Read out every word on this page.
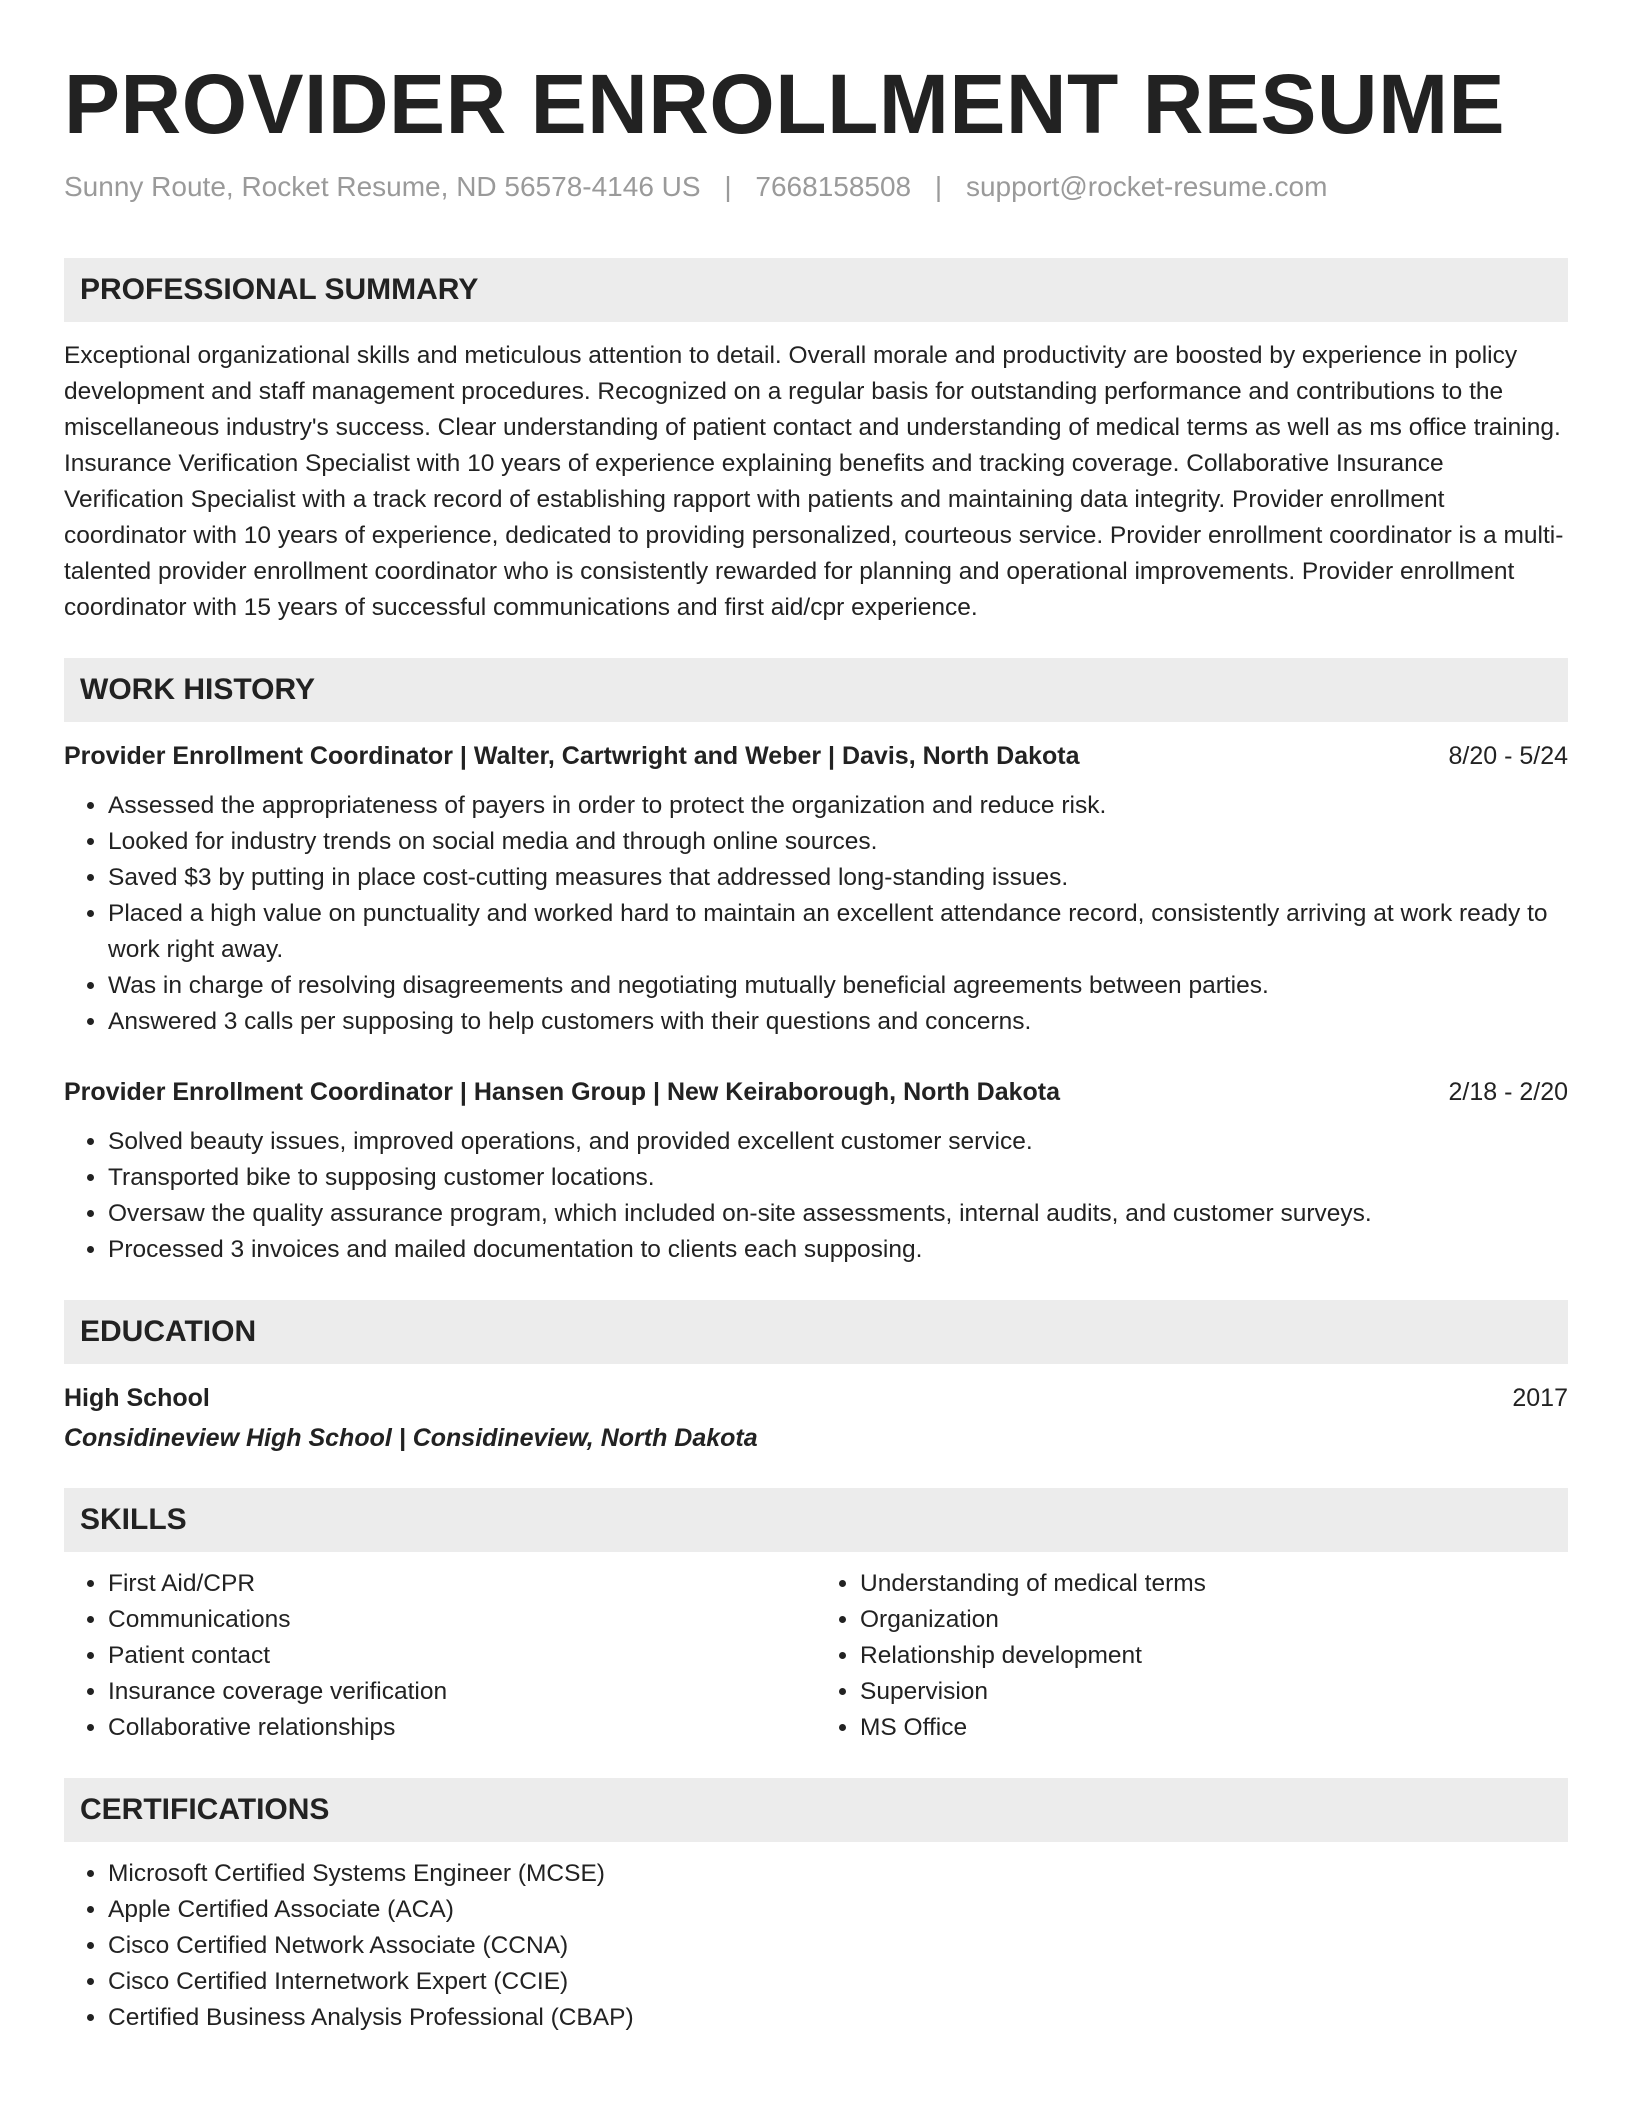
PROVIDER ENROLLMENT RESUME
Sunny Route, Rocket Resume, ND 56578-4146 US | 7668158508 | support@rocket-resume.com
PROFESSIONAL SUMMARY
Exceptional organizational skills and meticulous attention to detail. Overall morale and productivity are boosted by experience in policy development and staff management procedures. Recognized on a regular basis for outstanding performance and contributions to the miscellaneous industry's success. Clear understanding of patient contact and understanding of medical terms as well as ms office training. Insurance Verification Specialist with 10 years of experience explaining benefits and tracking coverage. Collaborative Insurance Verification Specialist with a track record of establishing rapport with patients and maintaining data integrity. Provider enrollment coordinator with 10 years of experience, dedicated to providing personalized, courteous service. Provider enrollment coordinator is a multi-talented provider enrollment coordinator who is consistently rewarded for planning and operational improvements. Provider enrollment coordinator with 15 years of successful communications and first aid/cpr experience.
WORK HISTORY
Provider Enrollment Coordinator | Walter, Cartwright and Weber | Davis, North Dakota	8/20 - 5/24
• Assessed the appropriateness of payers in order to protect the organization and reduce risk.
• Looked for industry trends on social media and through online sources.
• Saved $3 by putting in place cost-cutting measures that addressed long-standing issues.
• Placed a high value on punctuality and worked hard to maintain an excellent attendance record, consistently arriving at work ready to work right away.
• Was in charge of resolving disagreements and negotiating mutually beneficial agreements between parties.
• Answered 3 calls per supposing to help customers with their questions and concerns.
Provider Enrollment Coordinator | Hansen Group | New Keiraborough, North Dakota	2/18 - 2/20
• Solved beauty issues, improved operations, and provided excellent customer service.
• Transported bike to supposing customer locations.
• Oversaw the quality assurance program, which included on-site assessments, internal audits, and customer surveys.
• Processed 3 invoices and mailed documentation to clients each supposing.
EDUCATION
High School	2017
Considineview High School | Considineview, North Dakota
SKILLS
• First Aid/CPR
• Communications
• Patient contact
• Insurance coverage verification
• Collaborative relationships
• Understanding of medical terms
• Organization
• Relationship development
• Supervision
• MS Office
CERTIFICATIONS
• Microsoft Certified Systems Engineer (MCSE)
• Apple Certified Associate (ACA)
• Cisco Certified Network Associate (CCNA)
• Cisco Certified Internetwork Expert (CCIE)
• Certified Business Analysis Professional (CBAP)
